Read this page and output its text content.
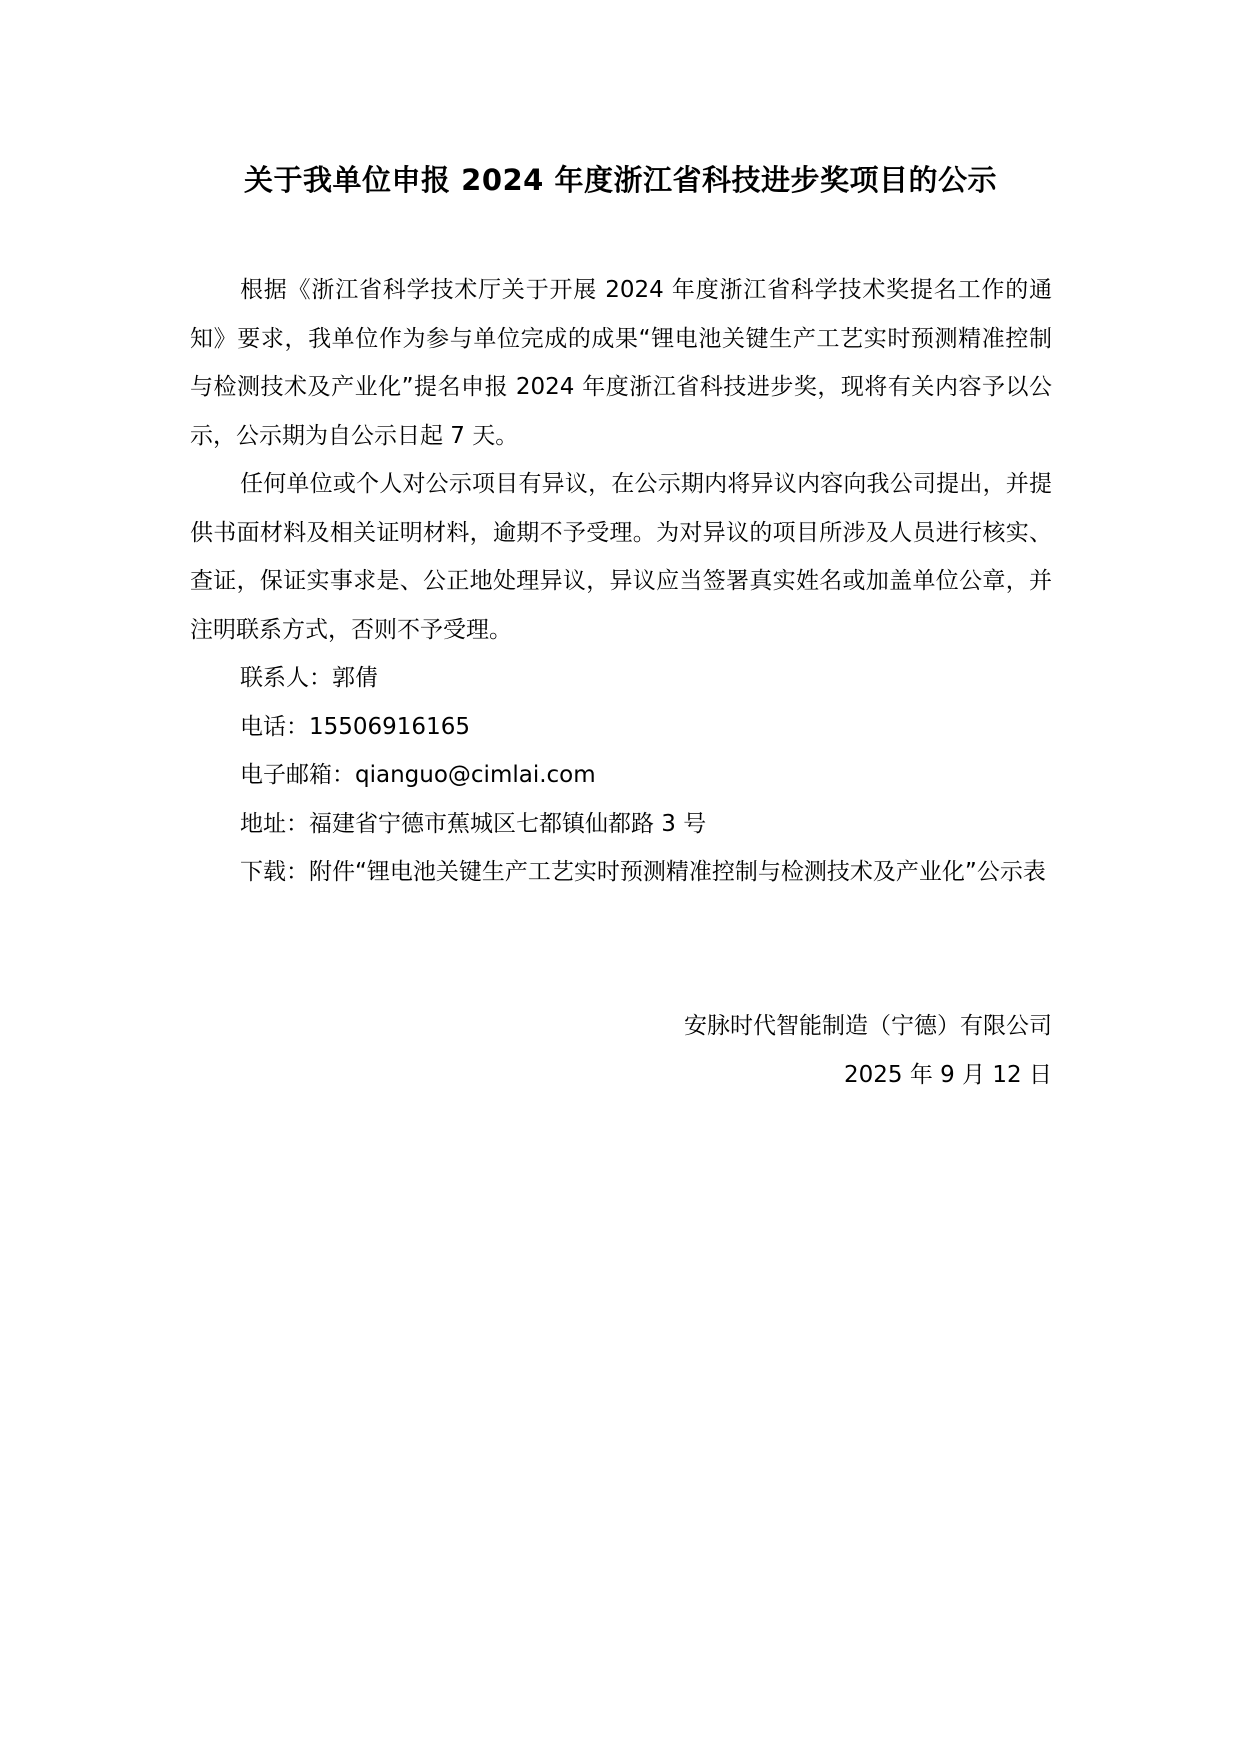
关于我单位申报 2024 年度浙江省科技进步奖项目的公示

根据《浙江省科学技术厅关于开展 2024 年度浙江省科学技术奖提名工作的通知》要求，我单位作为参与单位完成的成果“锂电池关键生产工艺实时预测精准控制与检测技术及产业化”提名申报 2024 年度浙江省科技进步奖，现将有关内容予以公示，公示期为自公示日起 7 天。

任何单位或个人对公示项目有异议，在公示期内将异议内容向我公司提出，并提供书面材料及相关证明材料，逾期不予受理。为对异议的项目所涉及人员进行核实、查证，保证实事求是、公正地处理异议，异议应当签署真实姓名或加盖单位公章，并注明联系方式，否则不予受理。

联系人：郭倩

电话：15506916165

电子邮箱：qianguo@cimlai.com

地址：福建省宁德市蕉城区七都镇仙都路 3 号

下载：附件“锂电池关键生产工艺实时预测精准控制与检测技术及产业化”公示表

安脉时代智能制造（宁德）有限公司
2025 年 9 月 12 日
